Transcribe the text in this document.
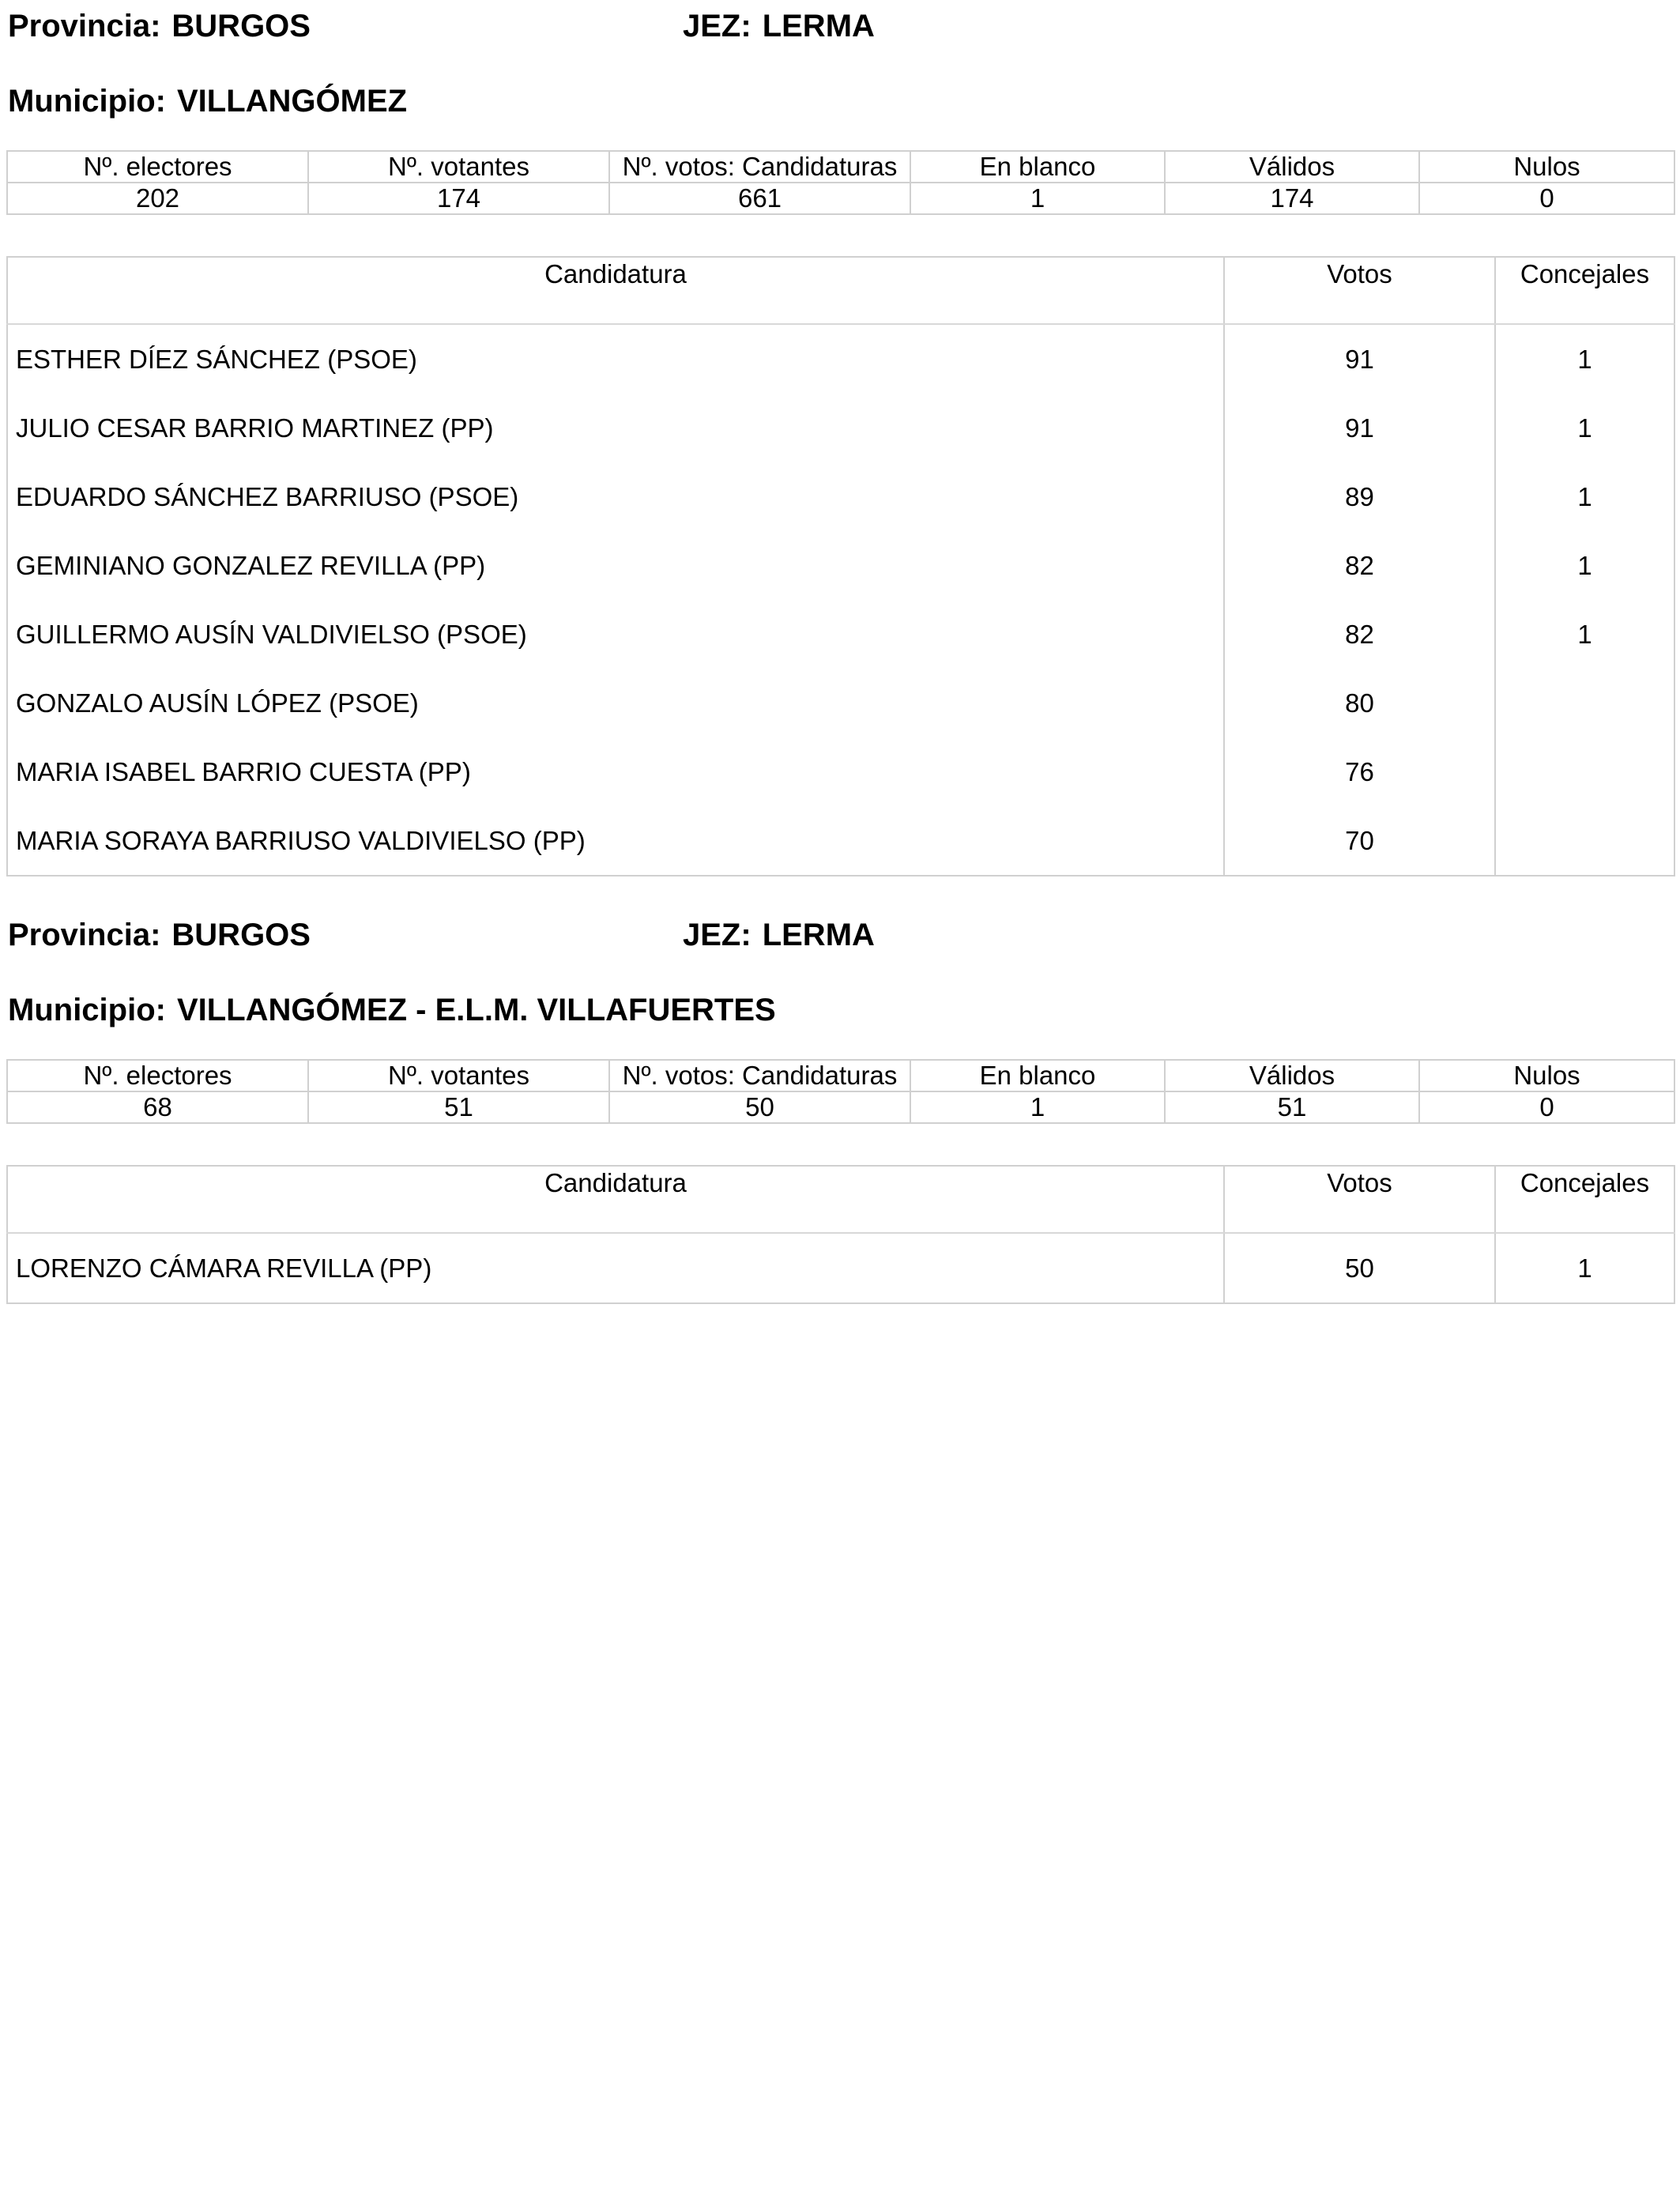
Provincia: BURGOS	JEZ: LERMA

Municipio: VILLANGÓMEZ

Nº. electores	Nº. votantes	Nº. votos: Candidaturas	En blanco	Válidos	Nulos
202	174	661	1	174	0
Candidatura	Votos	Concejales
ESTHER DÍEZ SÁNCHEZ (PSOE)	91	1
JULIO CESAR BARRIO MARTINEZ (PP)	91	1
EDUARDO SÁNCHEZ BARRIUSO (PSOE)	89	1
GEMINIANO GONZALEZ REVILLA (PP)	82	1
GUILLERMO AUSÍN VALDIVIELSO (PSOE)	82	1
GONZALO AUSÍN LÓPEZ (PSOE)	80	
MARIA ISABEL BARRIO CUESTA (PP)	76	
MARIA SORAYA BARRIUSO VALDIVIELSO (PP)	70	

Provincia: BURGOS	JEZ: LERMA

Municipio: VILLANGÓMEZ - E.L.M. VILLAFUERTES

Nº. electores	Nº. votantes	Nº. votos: Candidaturas	En blanco	Válidos	Nulos
68	51	50	1	51	0
Candidatura	Votos	Concejales
LORENZO CÁMARA REVILLA (PP)	50	1
